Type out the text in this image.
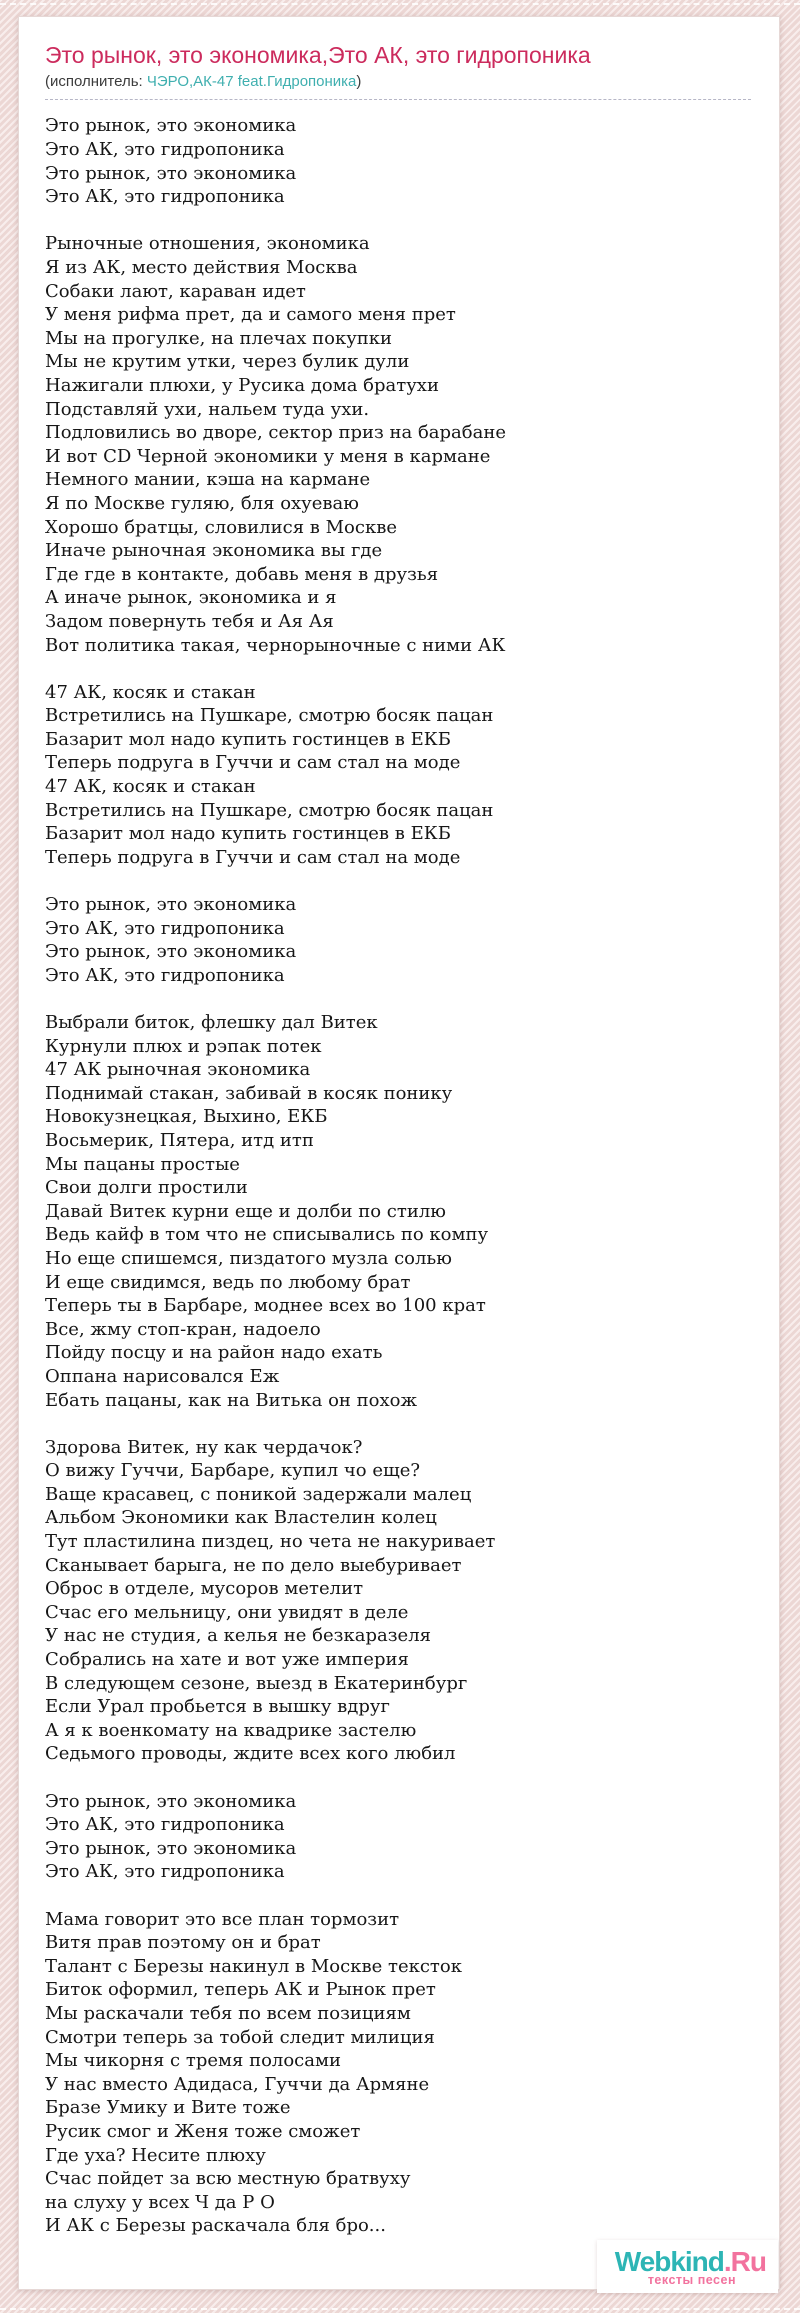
Это рынок, это экономика,Это АК, это гидропоника
(исполнитель: ЧЭРО,АК-47 feat.Гидропоника)

Это рынок, это экономика
Это АК, это гидропоника
Это рынок, это экономика
Это АК, это гидропоника

Рыночные отношения, экономика
Я из АК, место действия Москва
Собаки лают, караван идет
У меня рифма прет, да и самого меня прет
Мы на прогулке, на плечах покупки
Мы не крутим утки, через булик дули
Нажигали плюхи, у Русика дома братухи
Подставляй ухи, нальем туда ухи.
Подловились во дворе, сектор приз на барабане
И вот CD Черной экономики у меня в кармане
Немного мании, кэша на кармане
Я по Москве гуляю, бля охуеваю
Хорошо братцы, словилися в Москве
Иначе рыночная экономика вы где
Где где в контакте, добавь меня в друзья
А иначе рынок, экономика и я
Задом повернуть тебя и Ая Ая
Вот политика такая, чернорыночные с ними АК

47 АК, косяк и стакан
Встретились на Пушкаре, смотрю босяк пацан
Базарит мол надо купить гостинцев в ЕКБ
Теперь подруга в Гуччи и сам стал на моде
47 АК, косяк и стакан
Встретились на Пушкаре, смотрю босяк пацан
Базарит мол надо купить гостинцев в ЕКБ
Теперь подруга в Гуччи и сам стал на моде

Это рынок, это экономика
Это АК, это гидропоника
Это рынок, это экономика
Это АК, это гидропоника

Выбрали биток, флешку дал Витек
Курнули плюх и рэпак потек
47 АК рыночная экономика
Поднимай стакан, забивай в косяк понику
Новокузнецкая, Выхино, ЕКБ
Восьмерик, Пятера, итд итп
Мы пацаны простые
Свои долги простили
Давай Витек курни еще и долби по стилю
Ведь кайф в том что не списывались по компу
Но еще спишемся, пиздатого музла солью
И еще свидимся, ведь по любому брат
Теперь ты в Барбаре, моднее всех во 100 крат
Все, жму стоп-кран, надоело
Пойду посцу и на район надо ехать
Оппана нарисовался Еж
Ебать пацаны, как на Витька он похож

Здорова Витек, ну как чердачок?
О вижу Гуччи, Барбаре, купил чо еще?
Ваще красавец, с поникой задержали малец
Альбом Экономики как Властелин колец
Тут пластилина пиздец, но чета не накуривает
Сканывает барыга, не по дело выебуривает
Оброс в отделе, мусоров метелит
Счас его мельницу, они увидят в деле
У нас не студия, а келья не безкаразеля
Собрались на хате и вот уже империя
В следующем сезоне, выезд в Екатеринбург
Если Урал пробьется в вышку вдруг
А я к военкомату на квадрике застелю
Седьмого проводы, ждите всех кого любил

Это рынок, это экономика
Это АК, это гидропоника
Это рынок, это экономика
Это АК, это гидропоника

Мама говорит это все план тормозит
Витя прав поэтому он и брат
Талант с Березы накинул в Москве тексток
Биток оформил, теперь АК и Рынок прет
Мы раскачали тебя по всем позициям
Смотри теперь за тобой следит милиция
Мы чикорня с тремя полосами
У нас вместо Адидаса, Гуччи да Армяне
Бразе Умику и Вите тоже
Русик смог и Женя тоже сможет
Где уха? Несите плюху
Счас пойдет за всю местную братвуху
на слуху у всех Ч да Р О
И АК с Березы раскачала бля бро...

Webkind.Ru
тексты песен
